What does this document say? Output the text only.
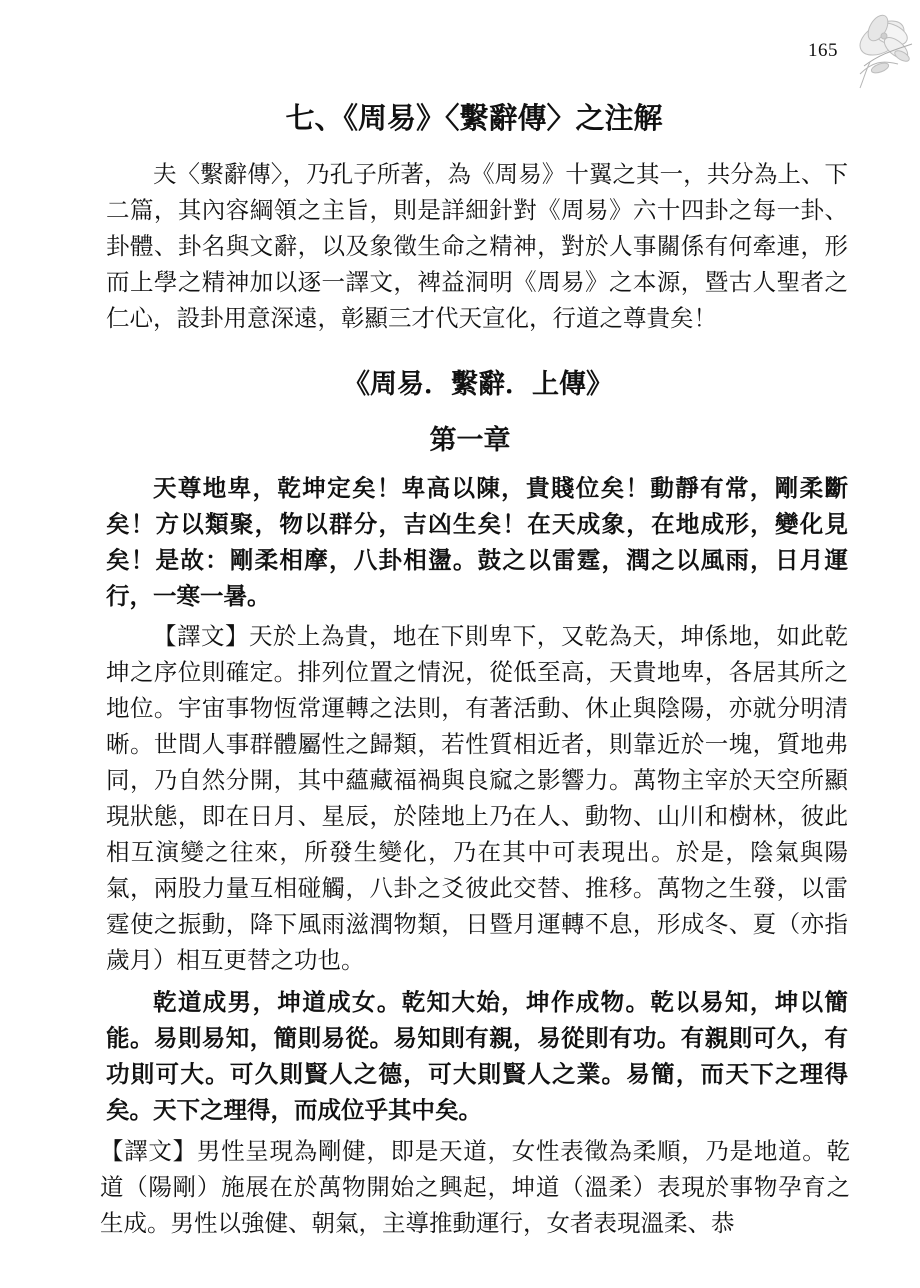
165
七、《周易》〈繫辭傳〉之注解

夫〈繫辭傳〉，乃孔子所著，為《周易》十翼之其一，共分為上、下二篇，其內容綱領之主旨，則是詳細針對《周易》六十四卦之每一卦、卦體、卦名與文辭，以及象徵生命之精神，對於人事關係有何牽連，形而上學之精神加以逐一譯文，裨益洞明《周易》之本源，暨古人聖者之仁心，設卦用意深遠，彰顯三才代天宣化，行道之尊貴矣！

《周易．繫辭．上傳》
第一章

天尊地卑，乾坤定矣！卑高以陳，貴賤位矣！動靜有常，剛柔斷矣！方以類聚，物以群分，吉凶生矣！在天成象，在地成形，變化見矣！是故：剛柔相摩，八卦相盪。鼓之以雷霆，潤之以風雨，日月運行，一寒一暑。

【譯文】天於上為貴，地在下則卑下，又乾為天，坤係地，如此乾坤之序位則確定。排列位置之情況，從低至高，天貴地卑，各居其所之地位。宇宙事物恆常運轉之法則，有著活動、休止與陰陽，亦就分明清晰。世間人事群體屬性之歸類，若性質相近者，則靠近於一塊，質地弗同，乃自然分開，其中蘊藏福禍與良窳之影響力。萬物主宰於天空所顯現狀態，即在日月、星辰，於陸地上乃在人、動物、山川和樹林，彼此相互演變之往來，所發生變化，乃在其中可表現出。於是，陰氣與陽氣，兩股力量互相碰觸，八卦之爻彼此交替、推移。萬物之生發，以雷霆使之振動，降下風雨滋潤物類，日暨月運轉不息，形成冬、夏（亦指歲月）相互更替之功也。

乾道成男，坤道成女。乾知大始，坤作成物。乾以易知，坤以簡能。易則易知，簡則易從。易知則有親，易從則有功。有親則可久，有功則可大。可久則賢人之德，可大則賢人之業。易簡，而天下之理得矣。天下之理得，而成位乎其中矣。

【譯文】男性呈現為剛健，即是天道，女性表徵為柔順，乃是地道。乾道（陽剛）施展在於萬物開始之興起，坤道（溫柔）表現於事物孕育之生成。男性以強健、朝氣，主導推動運行，女者表現溫柔、恭
